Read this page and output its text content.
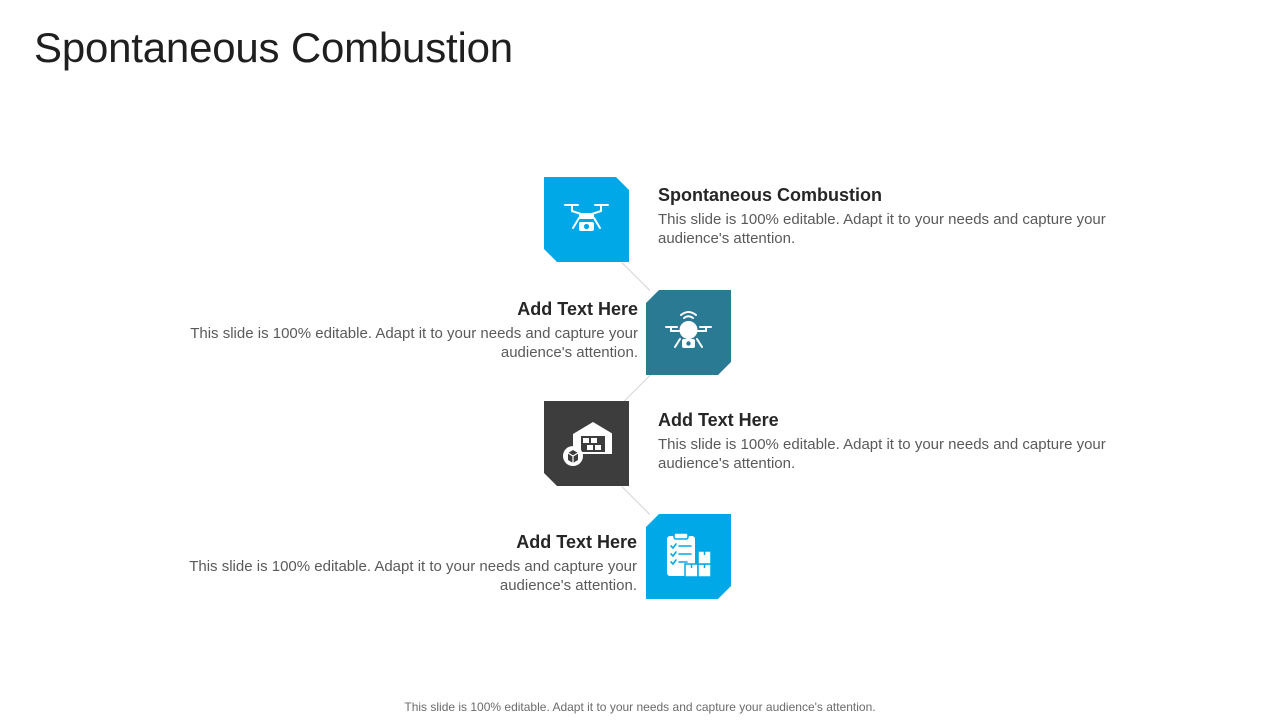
Spontaneous Combustion
Spontaneous Combustion
This slide is 100% editable. Adapt it to your needs and capture your audience's attention.
Add Text Here
This slide is 100% editable. Adapt it to your needs and capture your audience's attention.
Add Text Here
This slide is 100% editable. Adapt it to your needs and capture your audience's attention.
Add Text Here
This slide is 100% editable. Adapt it to your needs and capture your audience's attention.
This slide is 100% editable. Adapt it to your needs and capture your audience's attention.
